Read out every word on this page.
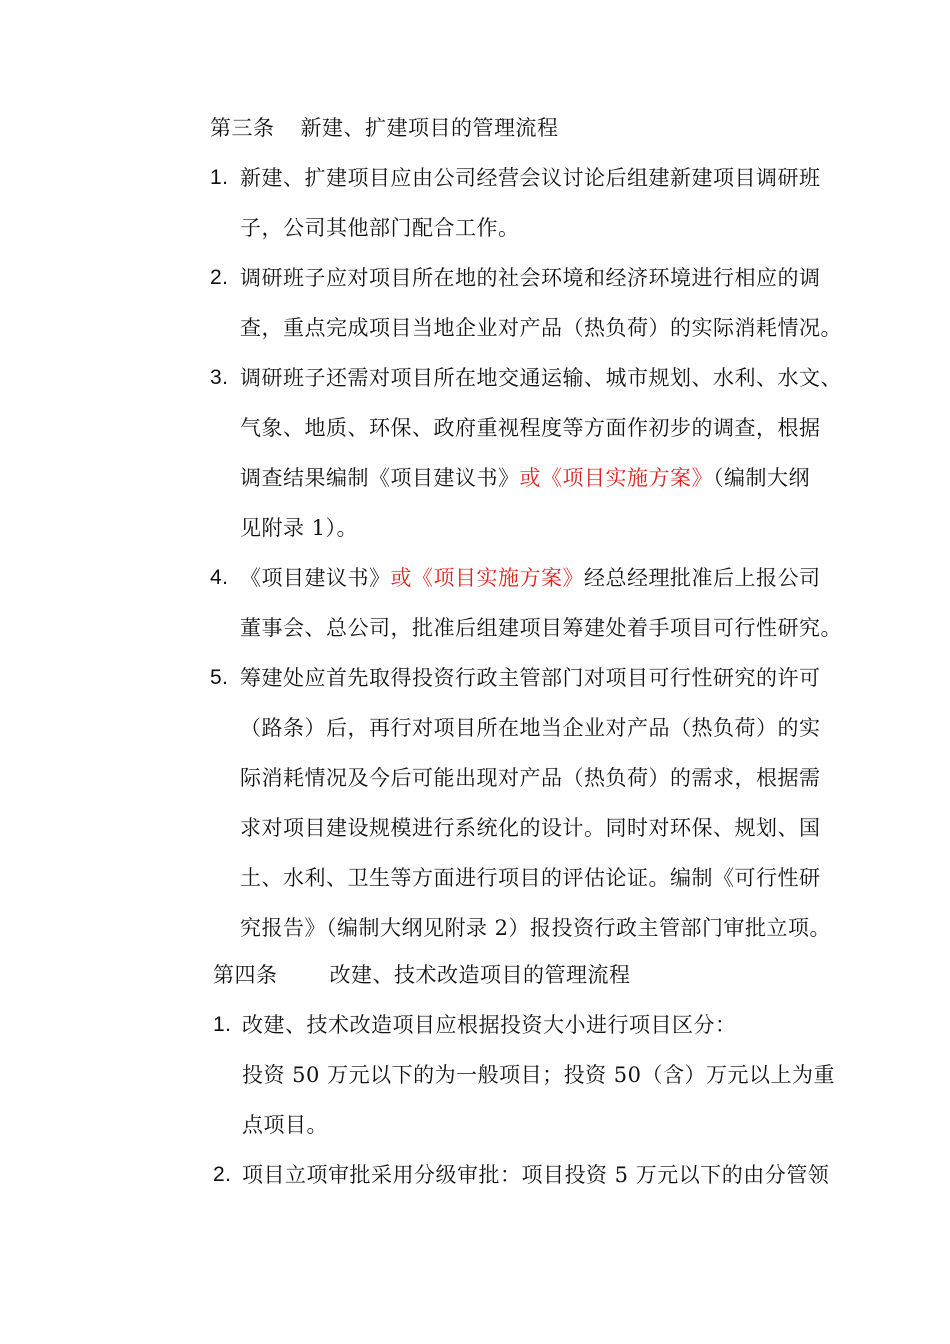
第三条 新建、扩建项目的管理流程
1. 新建、扩建项目应由公司经营会议讨论后组建新建项目调研班
子，公司其他部门配合工作。
2. 调研班子应对项目所在地的社会环境和经济环境进行相应的调
查，重点完成项目当地企业对产品（热负荷）的实际消耗情况。
3. 调研班子还需对项目所在地交通运输、城市规划、水利、水文、
气象、地质、环保、政府重视程度等方面作初步的调查，根据
调查结果编制《项目建议书》或《项目实施方案》（编制大纲
见附录 1）。
4. 《项目建议书》或《项目实施方案》经总经理批准后上报公司
董事会、总公司，批准后组建项目筹建处着手项目可行性研究。
5. 筹建处应首先取得投资行政主管部门对项目可行性研究的许可
（路条）后，再行对项目所在地当企业对产品（热负荷）的实
际消耗情况及今后可能出现对产品（热负荷）的需求，根据需
求对项目建设规模进行系统化的设计。同时对环保、规划、国
土、水利、卫生等方面进行项目的评估论证。编制《可行性研
究报告》（编制大纲见附录 2）报投资行政主管部门审批立项。
第四条 改建、技术改造项目的管理流程
1. 改建、技术改造项目应根据投资大小进行项目区分：
投资 50 万元以下的为一般项目；投资 50（含）万元以上为重
点项目。
2. 项目立项审批采用分级审批：项目投资 5 万元以下的由分管领
